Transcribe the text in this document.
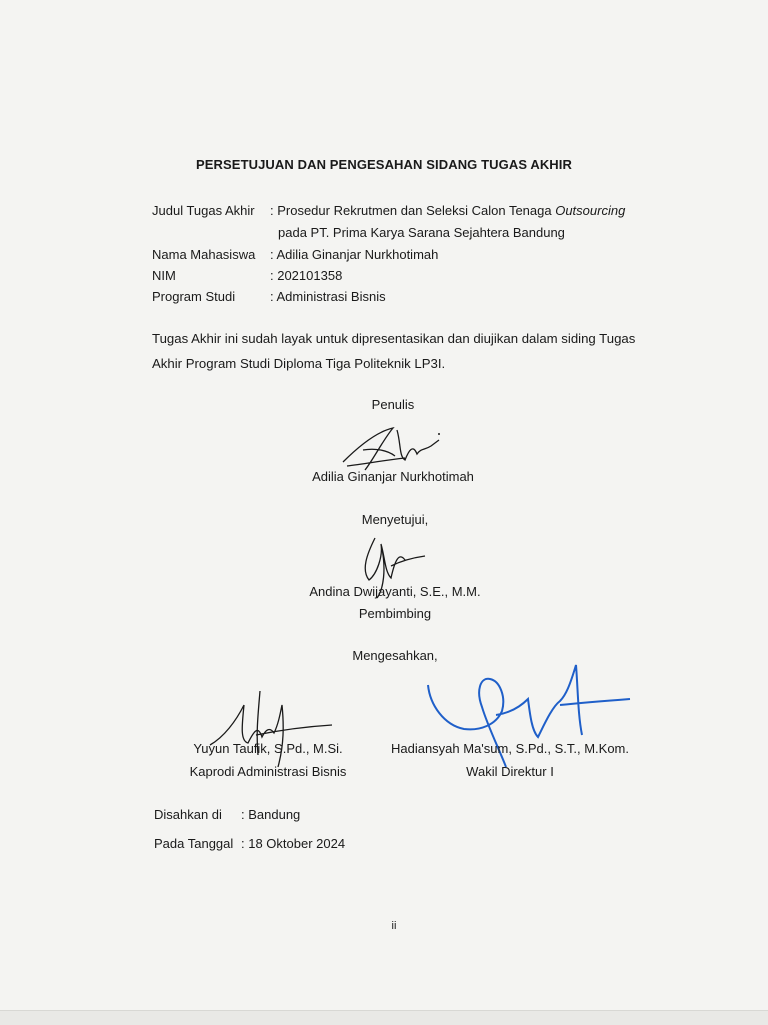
PERSETUJUAN DAN PENGESAHAN SIDANG TUGAS AKHIR
Judul Tugas Akhir : Prosedur Rekrutmen dan Seleksi Calon Tenaga Outsourcing
pada PT. Prima Karya Sarana Sejahtera Bandung
Nama Mahasiswa : Adilia Ginanjar Nurkhotimah
NIM	: 202101358
Program Studi	: Administrasi Bisnis
Tugas Akhir ini sudah layak untuk dipresentasikan dan diujikan dalam siding Tugas
Akhir Program Studi Diploma Tiga Politeknik LP3I.
Penulis
Adilia Ginanjar Nurkhotimah
Menyetujui,
Andina Dwijayanti, S.E., M.M.
Pembimbing
Mengesahkan,
Yuyun Taufik, S.Pd., M.Si.
Kaprodi Administrasi Bisnis
Hadiansyah Ma'sum, S.Pd., S.T., M.Kom.
Wakil Direktur I
Disahkan di : Bandung
Pada Tanggal : 18 Oktober 2024
ii
